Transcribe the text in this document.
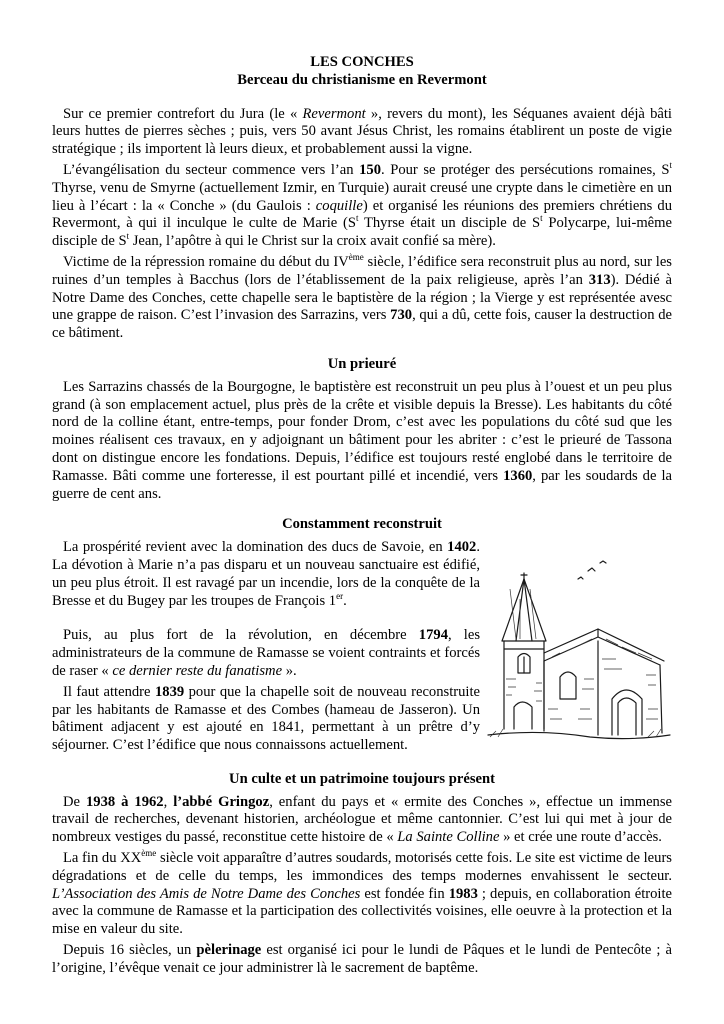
LES CONCHES

Berceau du christianisme en Revermont

Sur ce premier contrefort du Jura (le « Revermont », revers du mont), les Séquanes avaient déjà bâti leurs huttes de pierres sèches ; puis, vers 50 avant Jésus Christ, les romains établirent un poste de vigie stratégique ; ils importent là leurs dieux, et probablement aussi la vigne.

L’évangélisation du secteur commence vers l’an 150. Pour se protéger des persécutions romaines, $S^t$ Thyrse, venu de Smyrne (actuellement Izmir, en Turquie) aurait creusé une crypte dans le cimetière en un lieu à l’écart : la « Conche » (du Gaulois : coquille) et organisé les réunions des premiers chrétiens du Revermont, à qui il inculque le culte de Marie ($S^t$ Thyrse était un disciple de $S^t$ Polycarpe, lui-même disciple de $S^t$ Jean, l’apôtre à qui le Christ sur la croix avait confié sa mère).

Victime de la répression romaine du début du IVème siècle, l’édifice sera reconstruit plus au nord, sur les ruines d’un temples à Bacchus (lors de l’établissement de la paix religieuse, après l’an 313). Dédié à Notre Dame des Conches, cette chapelle sera le baptistère de la région ; la Vierge y est représentée avesc une grappe de raison. C’est l’invasion des Sarrazins, vers 730, qui a dû, cette fois, causer la destruction de ce bâtiment.

Un prieuré

Les Sarrazins chassés de la Bourgogne, le baptistère est reconstruit un peu plus à l’ouest et un peu plus grand (à son emplacement actuel, plus près de la crête et visible depuis la Bresse). Les habitants du côté nord de la colline étant, entre-temps, pour fonder Drom, c’est avec les populations du côté sud que les moines réalisent ces travaux, en y adjoignant un bâtiment pour les abriter : c’est le prieuré de Tassona dont on distingue encore les fondations. Depuis, l’édifice est toujours resté englobé dans le territoire de Ramasse. Bâti comme une forteresse, il est pourtant pillé et incendié, vers 1360, par les soudards de la guerre de cent ans.

Constamment reconstruit

La prospérité revient avec la domination des ducs de Savoie, en 1402. La dévotion à Marie n’a pas disparu et un nouveau sanctuaire est édifié, un peu plus étroit. Il est ravagé par un incendie, lors de la conquête de la Bresse et du Bugey par les troupes de François 1er.

Puis, au plus fort de la révolution, en décembre 1794, les administrateurs de la commune de Ramasse se voient contraints et forcés de raser « ce dernier reste du fanatisme ».

Il faut attendre 1839 pour que la chapelle soit de nouveau reconstruite par les habitants de Ramasse et des Combes (hameau de Jasseron). Un bâtiment adjacent y est ajouté en 1841, permettant à un prêtre d’y séjourner. C’est l’édifice que nous connaissons actuellement.

Un culte et un patrimoine toujours présent

De 1938 à 1962, l’abbé Gringoz, enfant du pays et « ermite des Conches », effectue un immense travail de recherches, devenant historien, archéologue et même cantonnier. C’est lui qui met à jour de nombreux vestiges du passé, reconstitue cette histoire de « La Sainte Colline » et crée une route d’accès.

La fin du XXème siècle voit apparaître d’autres soudards, motorisés cette fois. Le site est victime de leurs dégradations et de celle du temps, les immondices des temps modernes envahissent le secteur. L’Association des Amis de Notre Dame des Conches est fondée fin 1983 ; depuis, en collaboration étroite avec la commune de Ramasse et la participation des collectivités voisines, elle oeuvre à la protection et la mise en valeur du site.

Depuis 16 siècles, un pèlerinage est organisé ici pour le lundi de Pâques et le lundi de Pentecôte ; à l’origine, l’évêque venait ce jour administrer là le sacrement de baptême.
